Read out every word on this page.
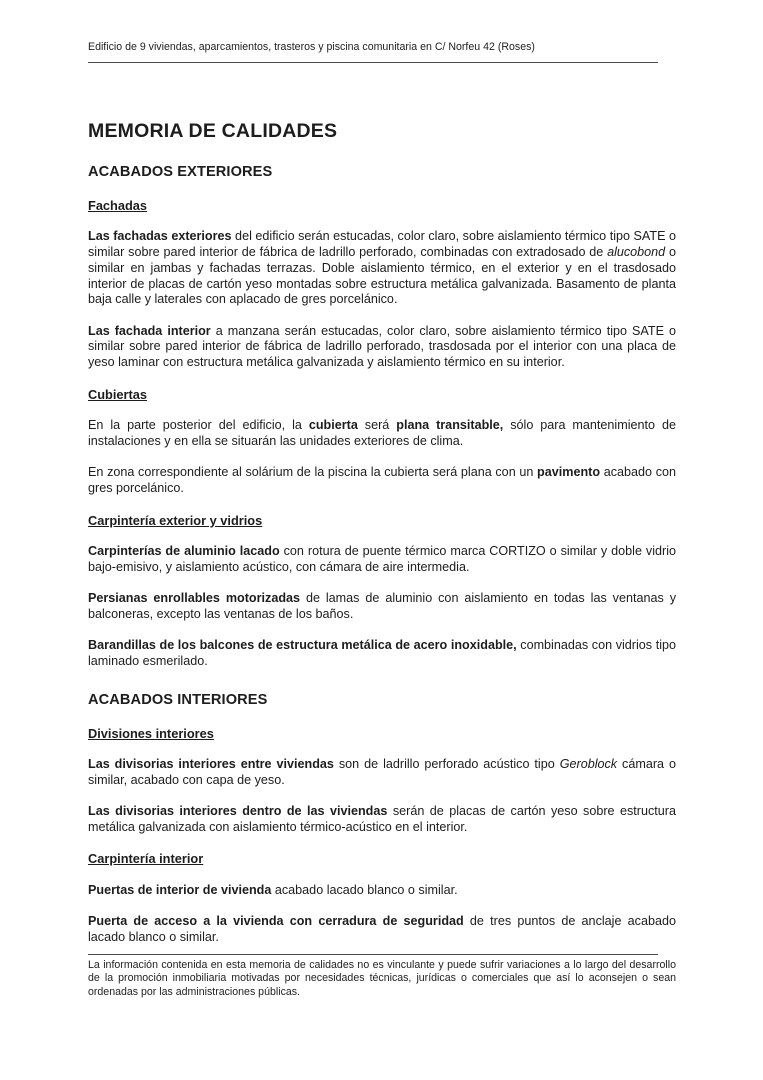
Edificio de 9 viviendas, aparcamientos, trasteros y piscina comunitaria en C/ Norfeu 42 (Roses)
MEMORIA DE CALIDADES
ACABADOS EXTERIORES
Fachadas

Las fachadas exteriores del edificio serán estucadas, color claro, sobre aislamiento térmico tipo SATE o similar sobre pared interior de fábrica de ladrillo perforado, combinadas con extradosado de alucobond o similar en jambas y fachadas terrazas. Doble aislamiento térmico, en el exterior y en el trasdosado interior de placas de cartón yeso montadas sobre estructura metálica galvanizada. Basamento de planta baja calle y laterales con aplacado de gres porcelánico.

Las fachada interior a manzana serán estucadas, color claro, sobre aislamiento térmico tipo SATE o similar sobre pared interior de fábrica de ladrillo perforado, trasdosada por el interior con una placa de yeso laminar con estructura metálica galvanizada y aislamiento térmico en su interior.

Cubiertas

En la parte posterior del edificio, la cubierta será plana transitable, sólo para mantenimiento de instalaciones y en ella se situarán las unidades exteriores de clima.

En zona correspondiente al solárium de la piscina la cubierta será plana con un pavimento acabado con gres porcelánico.

Carpintería exterior y vidrios

Carpinterías de aluminio lacado con rotura de puente térmico marca CORTIZO o similar y doble vidrio bajo-emisivo, y aislamiento acústico, con cámara de aire intermedia.

Persianas enrollables motorizadas de lamas de aluminio con aislamiento en todas las ventanas y balconeras, excepto las ventanas de los baños.

Barandillas de los balcones de estructura metálica de acero inoxidable, combinadas con vidrios tipo laminado esmerilado.

ACABADOS INTERIORES
Divisiones interiores

Las divisorias interiores entre viviendas son de ladrillo perforado acústico tipo Geroblock cámara o similar, acabado con capa de yeso.

Las divisorias interiores dentro de las viviendas serán de placas de cartón yeso sobre estructura metálica galvanizada con aislamiento térmico-acústico en el interior.

Carpintería interior

Puertas de interior de vivienda acabado lacado blanco o similar.

Puerta de acceso a la vivienda con cerradura de seguridad de tres puntos de anclaje acabado lacado blanco o similar.

La información contenida en esta memoria de calidades no es vinculante y puede sufrir variaciones a lo largo del desarrollo de la promoción inmobiliaria motivadas por necesidades técnicas, jurídicas o comerciales que así lo aconsejen o sean ordenadas por las administraciones públicas.
